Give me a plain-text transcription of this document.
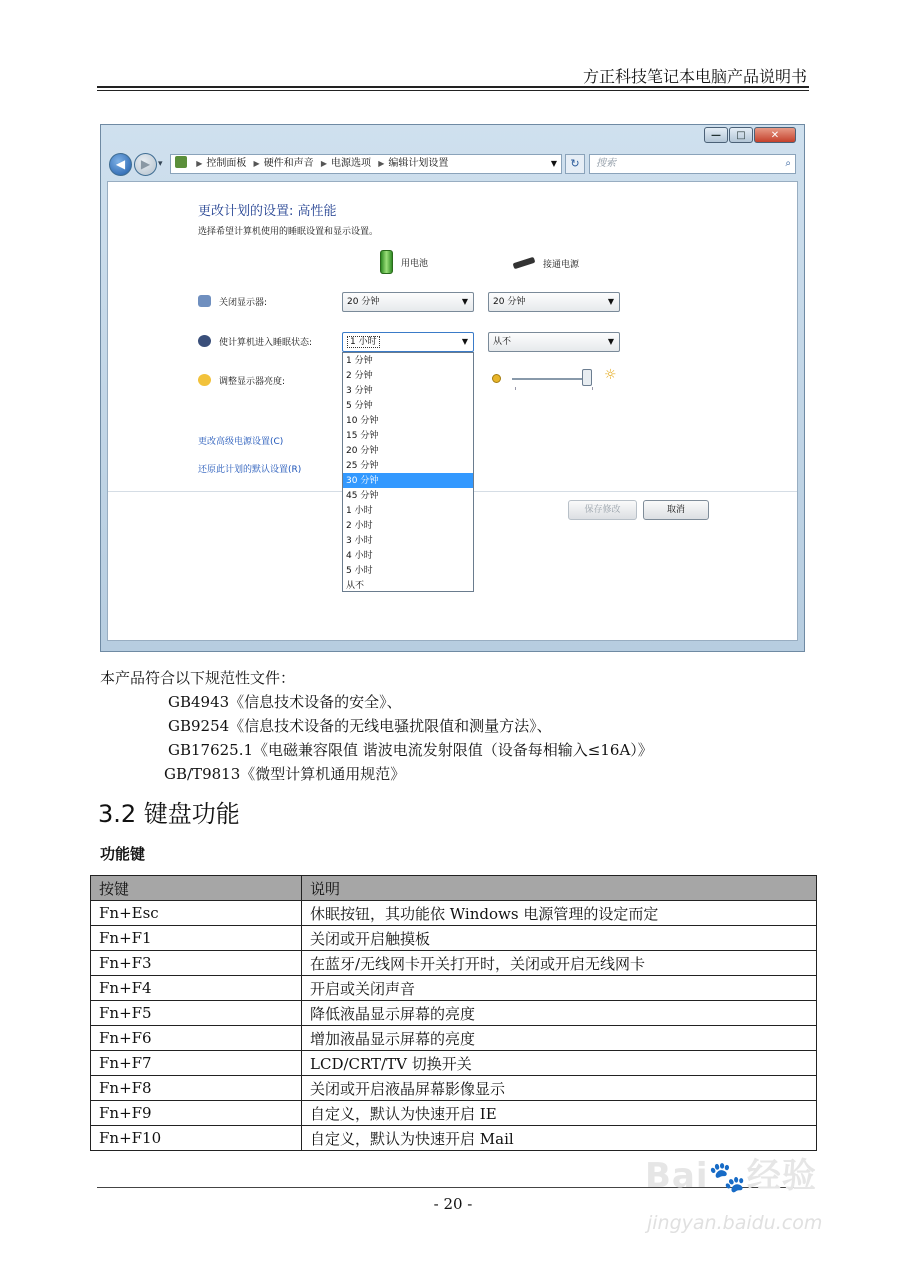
方正科技笔记本电脑产品说明书
—	□	✕
◀	▶ ▾	▶ 控制面板 ▶ 硬件和声音 ▶ 电源选项 ▶ 编辑计划设置	▼	↻	搜索	⌕
更改计划的设置: 高性能
选择希望计算机使用的睡眠设置和显示设置。
用电池	接通电源
关闭显示器:	20 分钟	▼	20 分钟	▼
使计算机进入睡眠状态:	1 小时	▼	从不	▼
调整显示器亮度:	☼
更改高级电源设置(C)
还原此计划的默认设置(R)
保存修改	取消
1 分钟
2 分钟
3 分钟
5 分钟
10 分钟
15 分钟
20 分钟
25 分钟
30 分钟
45 分钟
1 小时
2 小时
3 小时
4 小时
5 小时
从不
本产品符合以下规范性文件：
GB4943《信息技术设备的安全》、
GB9254《信息技术设备的无线电骚扰限值和测量方法》、
GB17625.1《电磁兼容限值 谐波电流发射限值（设备每相输入≤16A）》
GB/T9813《微型计算机通用规范》
3.2 键盘功能
功能键
按键	说明
Fn+Esc	休眠按钮，其功能依 Windows 电源管理的设定而定
Fn+F1	关闭或开启触摸板
Fn+F3	在蓝牙/无线网卡开关打开时，关闭或开启无线网卡
Fn+F4	开启或关闭声音
Fn+F5	降低液晶显示屏幕的亮度
Fn+F6	增加液晶显示屏幕的亮度
Fn+F7	LCD/CRT/TV 切换开关
Fn+F8	关闭或开启液晶屏幕影像显示
Fn+F9	自定义，默认为快速开启 IE
Fn+F10	自定义，默认为快速开启 Mail
- 20 -
Bai🐾经验
jingyan.baidu.com
